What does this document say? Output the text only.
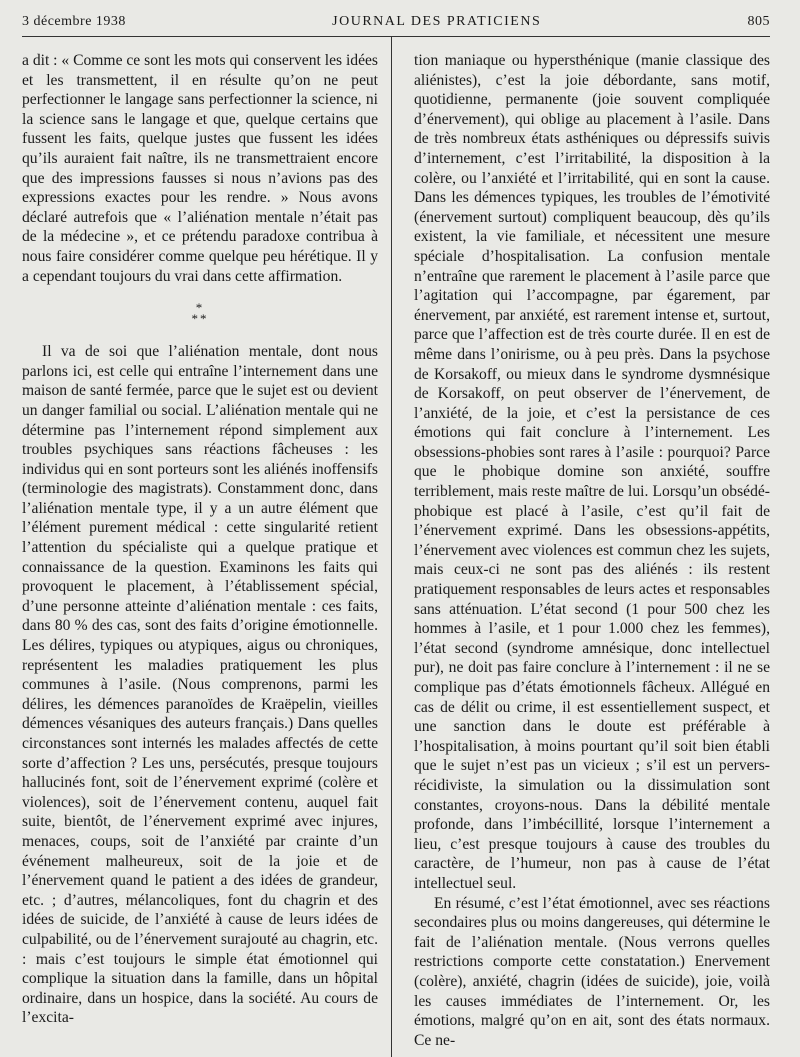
3 décembre 1938	JOURNAL DES PRATICIENS	805

a dit : « Comme ce sont les mots qui conservent les idées et les transmettent, il en résulte qu’on ne peut perfectionner le langage sans perfectionner la science, ni la science sans le langage et que, quelque certains que fussent les faits, quelque justes que fussent les idées qu’ils auraient fait naître, ils ne transmettraient encore que des impressions fausses si nous n’avions pas des expressions exactes pour les rendre. » Nous avons déclaré autrefois que « l’aliénation mentale n’était pas de la médecine », et ce prétendu paradoxe contribua à nous faire considérer comme quelque peu hérétique. Il y a cependant toujours du vrai dans cette affirmation.

*
**

Il va de soi que l’aliénation mentale, dont nous parlons ici, est celle qui entraîne l’internement dans une maison de santé fermée, parce que le sujet est ou devient un danger familial ou social. L’aliénation mentale qui ne détermine pas l’internement répond simplement aux troubles psychiques sans réactions fâcheuses : les individus qui en sont porteurs sont les aliénés inoffensifs (terminologie des magistrats). Constamment donc, dans l’aliénation mentale type, il y a un autre élément que l’élément purement médical : cette singularité retient l’attention du spécialiste qui a quelque pratique et connaissance de la question. Examinons les faits qui provoquent le placement, à l’établissement spécial, d’une personne atteinte d’aliénation mentale : ces faits, dans 80 % des cas, sont des faits d’origine émotionnelle. Les délires, typiques ou atypiques, aigus ou chroniques, représentent les maladies pratiquement les plus communes à l’asile. (Nous comprenons, parmi les délires, les démences paranoïdes de Kraëpelin, vieilles démences vésaniques des auteurs français.) Dans quelles circonstances sont internés les malades affectés de cette sorte d’affection ? Les uns, persécutés, presque toujours hallucinés font, soit de l’énervement exprimé (colère et violences), soit de l’énervement contenu, auquel fait suite, bientôt, de l’énervement exprimé avec injures, menaces, coups, soit de l’anxiété par crainte d’un événement malheureux, soit de la joie et de l’énervement quand le patient a des idées de grandeur, etc. ; d’autres, mélancoliques, font du chagrin et des idées de suicide, de l’anxiété à cause de leurs idées de culpabilité, ou de l’énervement surajouté au chagrin, etc. : mais c’est toujours le simple état émotionnel qui complique la situation dans la famille, dans un hôpital ordinaire, dans un hospice, dans la société. Au cours de l’excita-

tion maniaque ou hypersthénique (manie classique des aliénistes), c’est la joie débordante, sans motif, quotidienne, permanente (joie souvent compliquée d’énervement), qui oblige au placement à l’asile. Dans de très nombreux états asthéniques ou dépressifs suivis d’internement, c’est l’irritabilité, la disposition à la colère, ou l’anxiété et l’irritabilité, qui en sont la cause. Dans les démences typiques, les troubles de l’émotivité (énervement surtout) compliquent beaucoup, dès qu’ils existent, la vie familiale, et nécessitent une mesure spéciale d’hospitalisation. La confusion mentale n’entraîne que rarement le placement à l’asile parce que l’agitation qui l’accompagne, par égarement, par énervement, par anxiété, est rarement intense et, surtout, parce que l’affection est de très courte durée. Il en est de même dans l’onirisme, ou à peu près. Dans la psychose de Korsakoff, ou mieux dans le syndrome dysmnésique de Korsakoff, on peut observer de l’énervement, de l’anxiété, de la joie, et c’est la persistance de ces émotions qui fait conclure à l’internement. Les obsessions-phobies sont rares à l’asile : pourquoi? Parce que le phobique domine son anxiété, souffre terriblement, mais reste maître de lui. Lorsqu’un obsédé-phobique est placé à l’asile, c’est qu’il fait de l’énervement exprimé. Dans les obsessions-appétits, l’énervement avec violences est commun chez les sujets, mais ceux-ci ne sont pas des aliénés : ils restent pratiquement responsables de leurs actes et responsables sans atténuation. L’état second (1 pour 500 chez les hommes à l’asile, et 1 pour 1.000 chez les femmes), l’état second (syndrome amnésique, donc intellectuel pur), ne doit pas faire conclure à l’internement : il ne se complique pas d’états émotionnels fâcheux. Allégué en cas de délit ou crime, il est essentiellement suspect, et une sanction dans le doute est préférable à l’hospitalisation, à moins pourtant qu’il soit bien établi que le sujet n’est pas un vicieux ; s’il est un pervers-récidiviste, la simulation ou la dissimulation sont constantes, croyons-nous. Dans la débilité mentale profonde, dans l’imbécillité, lorsque l’internement a lieu, c’est presque toujours à cause des troubles du caractère, de l’humeur, non pas à cause de l’état intellectuel seul.

En résumé, c’est l’état émotionnel, avec ses réactions secondaires plus ou moins dangereuses, qui détermine le fait de l’aliénation mentale. (Nous verrons quelles restrictions comporte cette constatation.) Enervement (colère), anxiété, chagrin (idées de suicide), joie, voilà les causes immédiates de l’internement. Or, les émotions, malgré qu’on en ait, sont des états normaux. Ce ne-
